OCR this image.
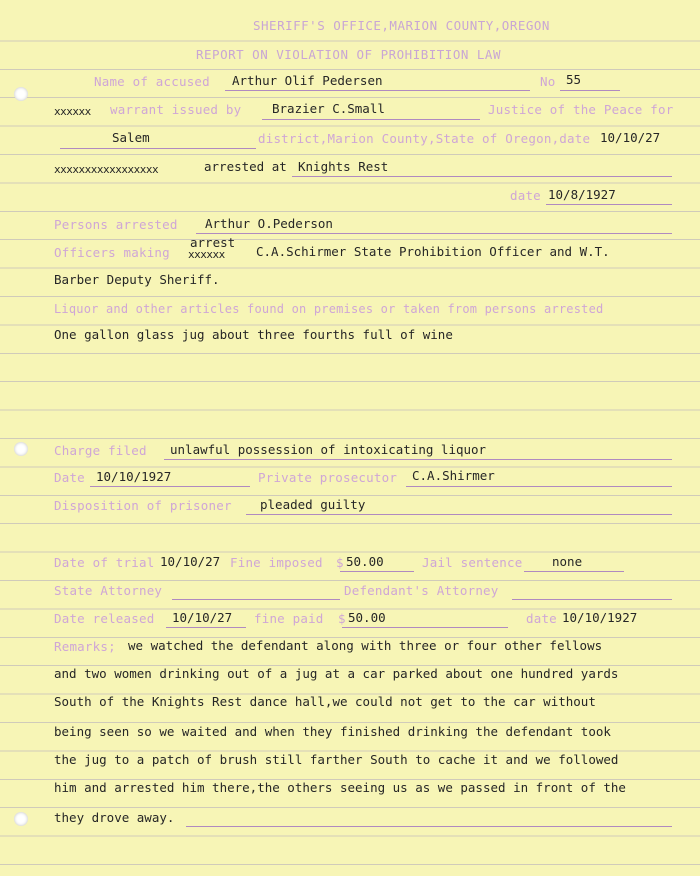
SHERIFF'S OFFICE,MARION COUNTY,OREGON
REPORT ON VIOLATION OF PROHIBITION LAW
Name of accused Arthur Olif Pedersen	No 55
xxxxxx warrant issued by Brazier C.Small	Justice of the Peace for
Salem	district,Marion County,State of Oregon,date 10/10/27
xxxxxxxxxxxxxxxxx	arrested at Knights Rest
date 10/8/1927
Persons arrested Arthur O.Pederson
Officers making
arrest
xxxxxx	C.A.Schirmer State Prohibition Officer and W.T.
Barber Deputy Sheriff.
Liquor and other articles found on premises or taken from persons arrested
One gallon glass jug about three fourths full of wine
Charge filed unlawful possession of intoxicating liquor
Date 10/10/1927	Private prosecutor C.A.Shirmer
Disposition of prisoner pleaded guilty
Date of trial 10/10/27 Fine imposed $ 50.00	Jail sentence none
State Attorney	Defendant's Attorney
Date released 10/10/27 fine paid $ 50.00	date 10/10/1927
Remarks; we watched the defendant along with three or four other fellows
and two women drinking out of a jug at a car parked about one hundred yards
South of the Knights Rest dance hall,we could not get to the car without
being seen so we waited and when they finished drinking the defendant took
the jug to a patch of brush still farther South to cache it and we followed
him and arrested him there,the others seeing us as we passed in front of the
they drove away.
